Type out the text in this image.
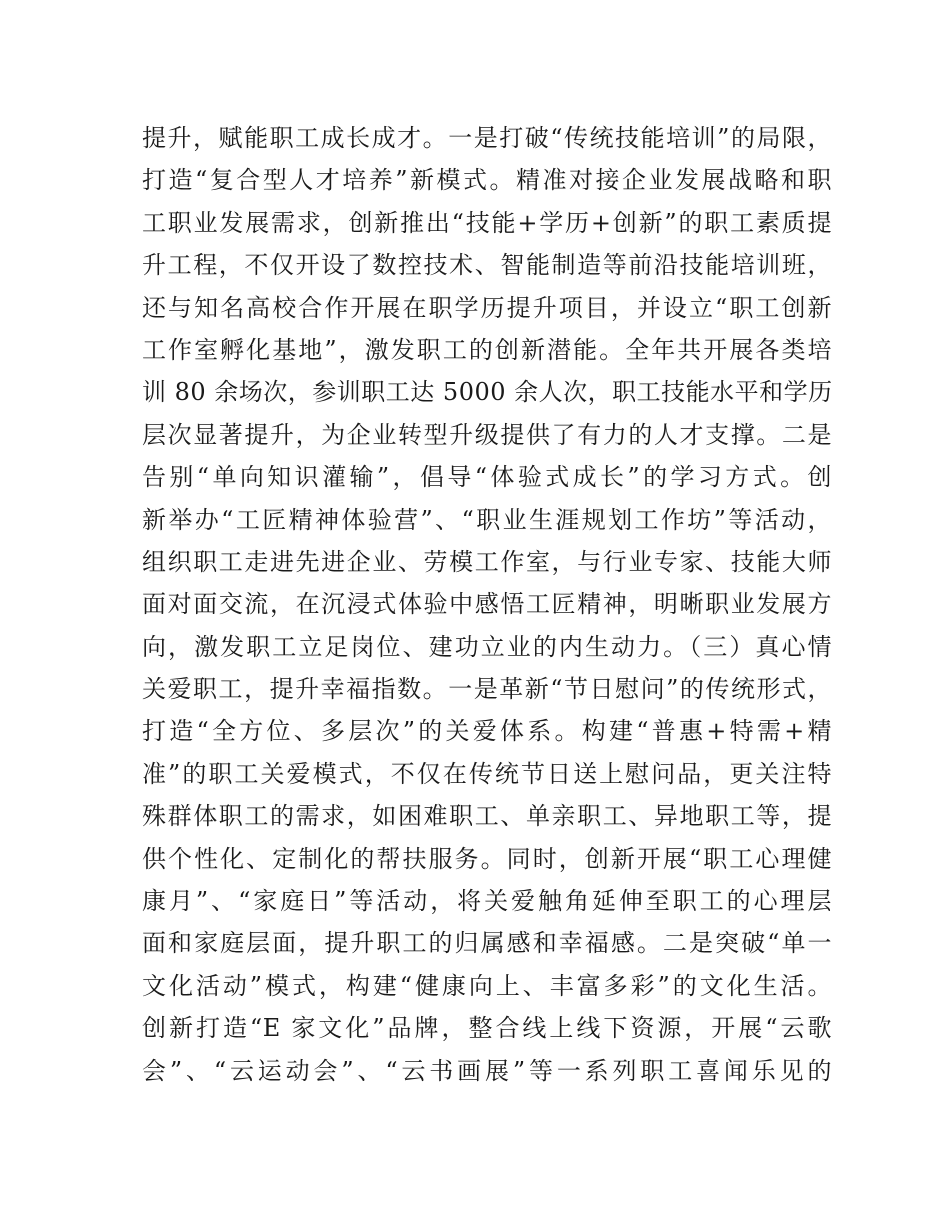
提升，赋能职工成长成才。一是打破“传统技能培训”的局限，
打造“复合型人才培养”新模式。精准对接企业发展战略和职
工职业发展需求，创新推出“技能+学历+创新”的职工素质提
升工程，不仅开设了数控技术、智能制造等前沿技能培训班，
还与知名高校合作开展在职学历提升项目，并设立“职工创新
工作室孵化基地”，激发职工的创新潜能。全年共开展各类培
训 80 余场次，参训职工达 5000 余人次，职工技能水平和学历
层次显著提升，为企业转型升级提供了有力的人才支撑。二是
告别“单向知识灌输”，倡导“体验式成长”的学习方式。创
新举办“工匠精神体验营”、“职业生涯规划工作坊”等活动，
组织职工走进先进企业、劳模工作室，与行业专家、技能大师
面对面交流，在沉浸式体验中感悟工匠精神，明晰职业发展方
向，激发职工立足岗位、建功立业的内生动力。（三）真心情
关爱职工，提升幸福指数。一是革新“节日慰问”的传统形式，
打造“全方位、多层次”的关爱体系。构建“普惠+特需+精
准”的职工关爱模式，不仅在传统节日送上慰问品，更关注特
殊群体职工的需求，如困难职工、单亲职工、异地职工等，提
供个性化、定制化的帮扶服务。同时，创新开展“职工心理健
康月”、“家庭日”等活动，将关爱触角延伸至职工的心理层
面和家庭层面，提升职工的归属感和幸福感。二是突破“单一
文化活动”模式，构建“健康向上、丰富多彩”的文化生活。
创新打造“E 家文化”品牌，整合线上线下资源，开展“云歌
会”、“云运动会”、“云书画展”等一系列职工喜闻乐见的
